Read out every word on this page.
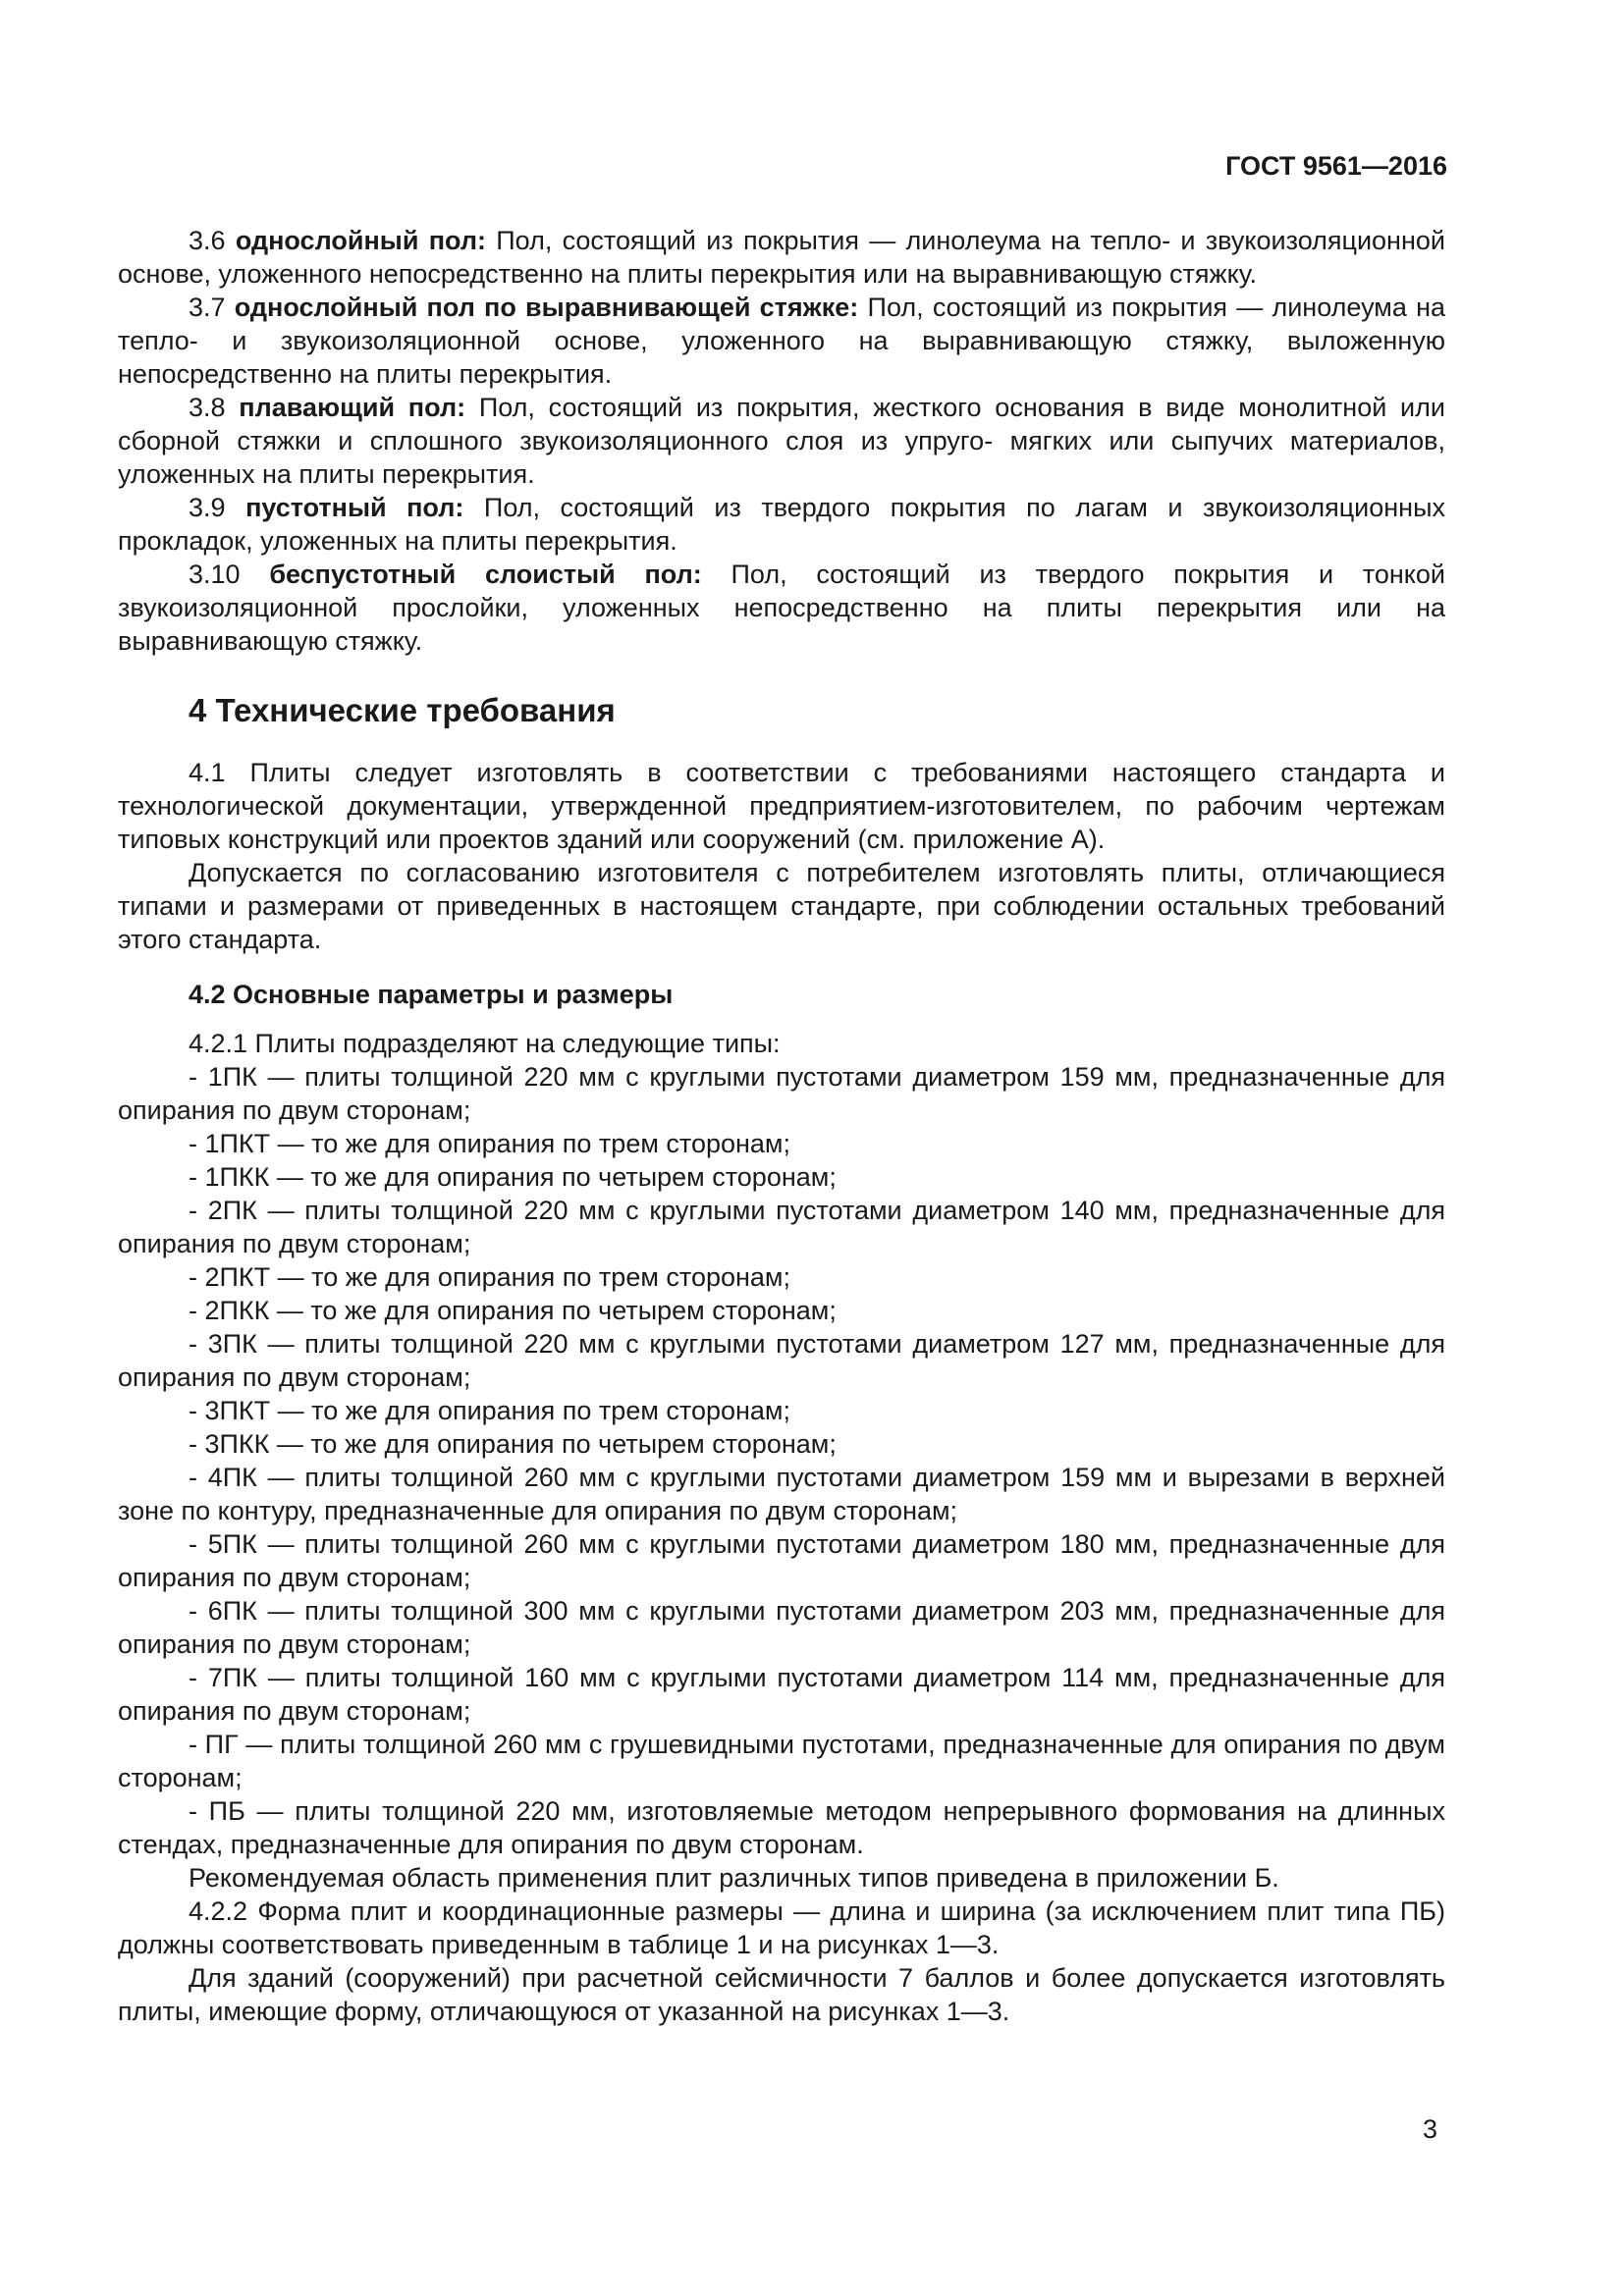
ГОСТ 9561—2016

3.6 однослойный пол: Пол, состоящий из покрытия — линолеума на тепло- и звукоизоляционной основе, уложенного непосредственно на плиты перекрытия или на выравнивающую стяжку.

3.7 однослойный пол по выравнивающей стяжке: Пол, состоящий из покрытия — линолеума на тепло- и звукоизоляционной основе, уложенного на выравнивающую стяжку, выложенную непосредственно на плиты перекрытия.

3.8 плавающий пол: Пол, состоящий из покрытия, жесткого основания в виде монолитной или сборной стяжки и сплошного звукоизоляционного слоя из упруго- мягких или сыпучих материалов, уложенных на плиты перекрытия.

3.9 пустотный пол: Пол, состоящий из твердого покрытия по лагам и звукоизоляционных прокладок, уложенных на плиты перекрытия.

3.10 беспустотный слоистый пол: Пол, состоящий из твердого покрытия и тонкой звукоизоляционной прослойки, уложенных непосредственно на плиты перекрытия или на выравнивающую стяжку.

4 Технические требования

4.1 Плиты следует изготовлять в соответствии с требованиями настоящего стандарта и технологической документации, утвержденной предприятием-изготовителем, по рабочим чертежам типовых конструкций или проектов зданий или сооружений (см. приложение А).

Допускается по согласованию изготовителя с потребителем изготовлять плиты, отличающиеся типами и размерами от приведенных в настоящем стандарте, при соблюдении остальных требований этого стандарта.

4.2 Основные параметры и размеры

4.2.1 Плиты подразделяют на следующие типы:

- 1ПК — плиты толщиной 220 мм с круглыми пустотами диаметром 159 мм, предназначенные для опирания по двум сторонам;

- 1ПКТ — то же для опирания по трем сторонам;

- 1ПКК — то же для опирания по четырем сторонам;

- 2ПК — плиты толщиной 220 мм с круглыми пустотами диаметром 140 мм, предназначенные для опирания по двум сторонам;

- 2ПКТ — то же для опирания по трем сторонам;

- 2ПКК — то же для опирания по четырем сторонам;

- 3ПК — плиты толщиной 220 мм с круглыми пустотами диаметром 127 мм, предназначенные для опирания по двум сторонам;

- 3ПКТ — то же для опирания по трем сторонам;

- 3ПКК — то же для опирания по четырем сторонам;

- 4ПК — плиты толщиной 260 мм с круглыми пустотами диаметром 159 мм и вырезами в верхней зоне по контуру, предназначенные для опирания по двум сторонам;

- 5ПК — плиты толщиной 260 мм с круглыми пустотами диаметром 180 мм, предназначенные для опирания по двум сторонам;

- 6ПК — плиты толщиной 300 мм с круглыми пустотами диаметром 203 мм, предназначенные для опирания по двум сторонам;

- 7ПК — плиты толщиной 160 мм с круглыми пустотами диаметром 114 мм, предназначенные для опирания по двум сторонам;

- ПГ — плиты толщиной 260 мм с грушевидными пустотами, предназначенные для опирания по двум сторонам;

- ПБ — плиты толщиной 220 мм, изготовляемые методом непрерывного формования на длинных стендах, предназначенные для опирания по двум сторонам.

Рекомендуемая область применения плит различных типов приведена в приложении Б.

4.2.2 Форма плит и координационные размеры — длина и ширина (за исключением плит типа ПБ) должны соответствовать приведенным в таблице 1 и на рисунках 1—3.

Для зданий (сооружений) при расчетной сейсмичности 7 баллов и более допускается изготовлять плиты, имеющие форму, отличающуюся от указанной на рисунках 1—3.

3
